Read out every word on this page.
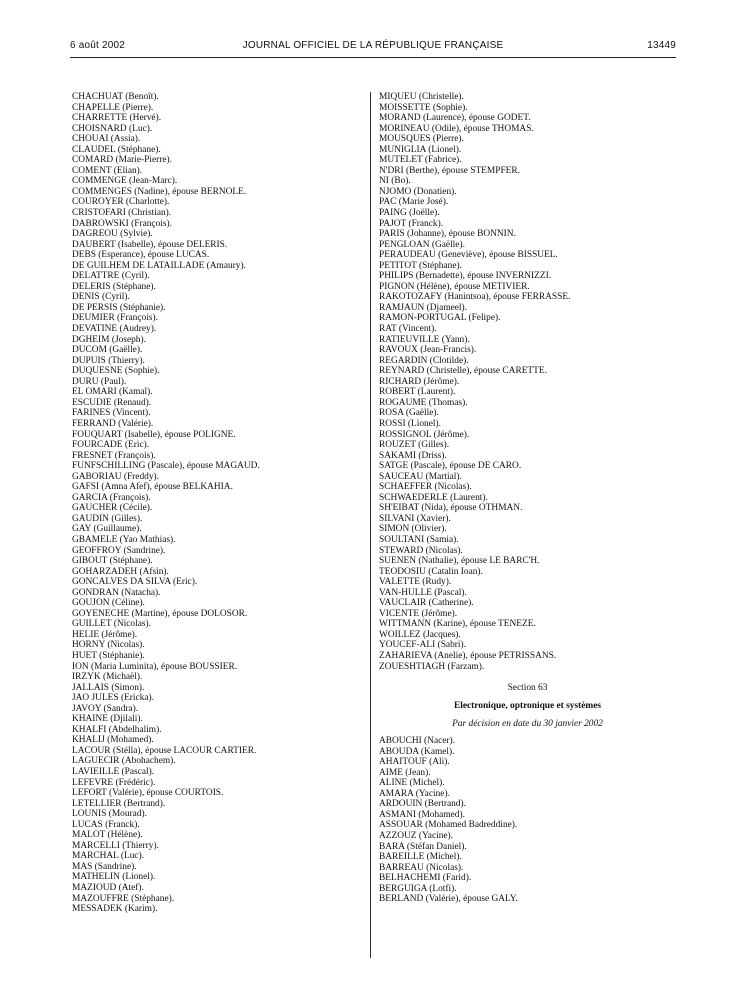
6 août 2002	JOURNAL OFFICIEL DE LA RÉPUBLIQUE FRANÇAISE	13449
CHACHUAT (Benoît).
CHAPELLE (Pierre).
CHARRETTE (Hervé).
CHOISNARD (Luc).
CHOUAI (Assia).
CLAUDEL (Stéphane).
COMARD (Marie-Pierre).
COMENT (Elian).
COMMENGE (Jean-Marc).
COMMENGES (Nadine), épouse BERNOLE.
COUROYER (Charlotte).
CRISTOFARI (Christian).
DABROWSKI (François).
DAGREOU (Sylvie).
DAUBERT (Isabelle), épouse DELERIS.
DEBS (Esperance), épouse LUCAS.
DE GUILHEM DE LATAILLADE (Amaury).
DELATTRE (Cyril).
DELERIS (Stéphane).
DENIS (Cyril).
DE PERSIS (Stéphanie).
DEUMIER (François).
DEVATINE (Audrey).
DGHEIM (Joseph).
DUCOM (Gaëlle).
DUPUIS (Thierry).
DUQUESNE (Sophie).
DURU (Paul).
EL OMARI (Kamal).
ESCUDIE (Renaud).
FARINES (Vincent).
FERRAND (Valérie).
FOUQUART (Isabelle), épouse POLIGNE.
FOURCADE (Eric).
FRESNET (François).
FUNFSCHILLING (Pascale), épouse MAGAUD.
GABORIAU (Freddy).
GAFSI (Amna Afef), épouse BELKAHIA.
GARCIA (François).
GAUCHER (Cécile).
GAUDIN (Gilles).
GAY (Guillaume).
GBAMELE (Yao Mathias).
GEOFFROY (Sandrine).
GIBOUT (Stéphane).
GOHARZADEH (Afsin).
GONCALVES DA SILVA (Eric).
GONDRAN (Natacha).
GOUJON (Céline).
GOYENECHE (Martine), épouse DOLOSOR.
GUILLET (Nicolas).
HELIE (Jérôme).
HORNY (Nicolas).
HUET (Stéphanie).
ION (Maria Luminita), épouse BOUSSIER.
IRZYK (Michaël).
JALLAIS (Simon).
JAO JULES (Ericka).
JAVOY (Sandra).
KHAINE (Djilali).
KHALFI (Abdelhalim).
KHALIJ (Mohamed).
LACOUR (Stélla), épouse LACOUR CARTIER.
LAGUECIR (Abohachem).
LAVIEILLE (Pascal).
LEFEVRE (Frédéric).
LEFORT (Valérie), épouse COURTOIS.
LETELLIER (Bertrand).
LOUNIS (Mourad).
LUCAS (Franck).
MALOT (Hélène).
MARCELLI (Thierry).
MARCHAL (Luc).
MAS (Sandrine).
MATHELIN (Lionel).
MAZIOUD (Atef).
MAZOUFFRE (Stéphane).
MESSADEK (Karim).
MIQUEU (Christelle).
MOISSETTE (Sophie).
MORAND (Laurence), épouse GODET.
MORINEAU (Odile), épouse THOMAS.
MOUSQUES (Pierre).
MUNIGLIA (Lionel).
MUTELET (Fabrice).
N'DRI (Berthe), épouse STEMPFER.
NI (Bo).
NJOMO (Donatien).
PAC (Marie José).
PAING (Joëlle).
PAJOT (Franck).
PARIS (Johanne), épouse BONNIN.
PENGLOAN (Gaëlle).
PERAUDEAU (Geneviève), épouse BISSUEL.
PETITOT (Stéphane).
PHILIPS (Bernadette), épouse INVERNIZZI.
PIGNON (Hélène), épouse METIVIER.
RAKOTOZAFY (Hanintsoa), épouse FERRASSE.
RAMJAUN (Djameel).
RAMON-PORTUGAL (Felipe).
RAT (Vincent).
RATIEUVILLE (Yann).
RAVOUX (Jean-Francis).
REGARDIN (Clotilde).
REYNARD (Christelle), épouse CARETTE.
RICHARD (Jérôme).
ROBERT (Laurent).
ROGAUME (Thomas).
ROSA (Gaëlle).
ROSSI (Lionel).
ROSSIGNOL (Jérôme).
ROUZET (Gilles).
SAKAMI (Driss).
SATGE (Pascale), épouse DE CARO.
SAUCEAU (Martial).
SCHAEFFER (Nicolas).
SCHWAEDERLE (Laurent).
SH'EIBAT (Nida), épouse OTHMAN.
SILVANI (Xavier).
SIMON (Olivier).
SOULTANI (Samia).
STEWARD (Nicolas).
SUENEN (Nathalie), épouse LE BARC'H.
TEODOSIU (Catalin Ioan).
VALETTE (Rudy).
VAN-HULLE (Pascal).
VAUCLAIR (Catherine).
VICENTE (Jérôme).
WITTMANN (Karine), épouse TENEZE.
WOILLEZ (Jacques).
YOUCEF-ALI (Sabri).
ZAHARIEVA (Anelie), épouse PETRISSANS.
ZOUESHTIAGH (Farzam).
Section 63
Electronique, optronique et systèmes
Par décision en date du 30 janvier 2002
ABOUCHI (Nacer).
ABOUDA (Kamel).
AHAITOUF (Ali).
AIME (Jean).
ALINE (Michel).
AMARA (Yacine).
ARDOUIN (Bertrand).
ASMANI (Mohamed).
ASSOUAR (Mohamed Badreddine).
AZZOUZ (Yacine).
BARA (Stéfan Daniel).
BAREILLE (Michel).
BARREAU (Nicolas).
BELHACHEMI (Farid).
BERGUIGA (Lotfi).
BERLAND (Valérie), épouse GALY.
